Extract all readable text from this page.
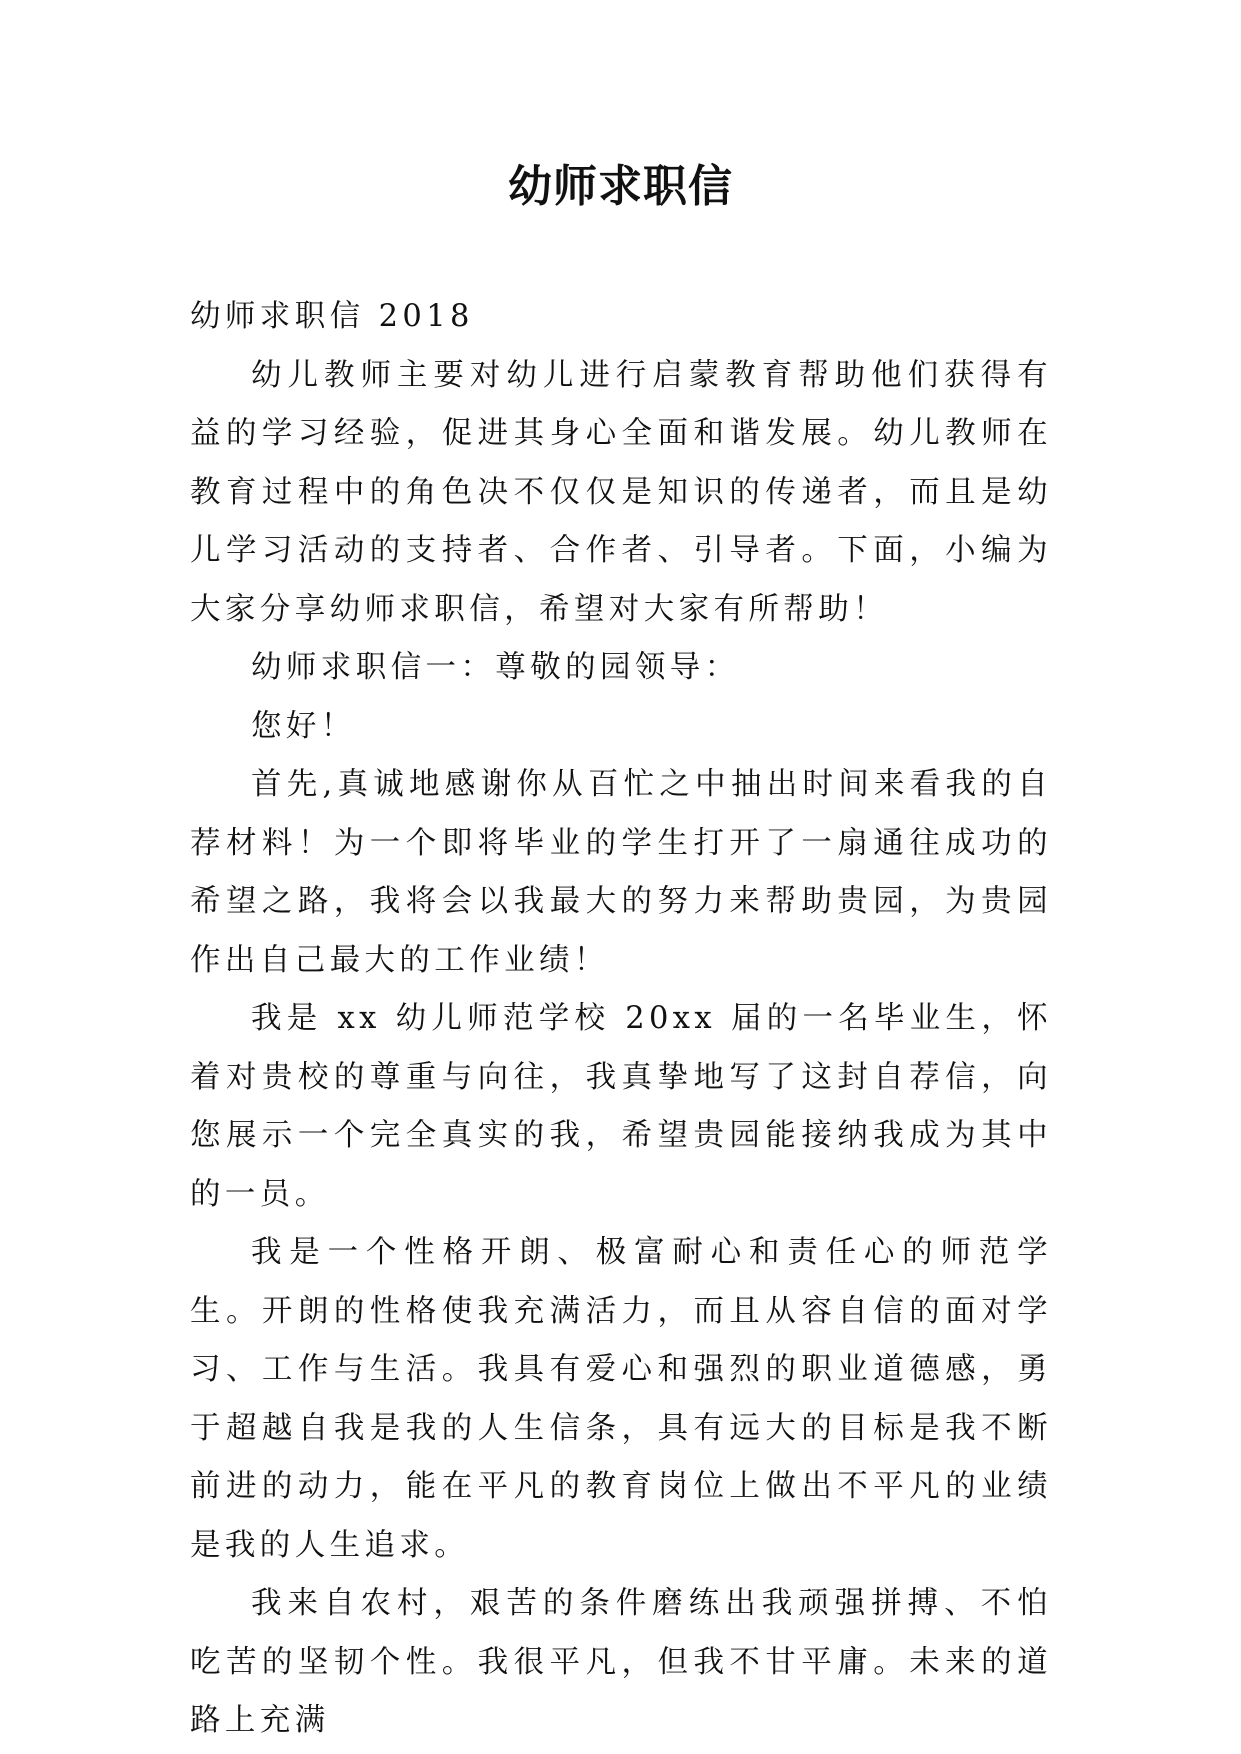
幼师求职信

幼师求职信 2018

幼儿教师主要对幼儿进行启蒙教育帮助他们获得有益的学习经验，促进其身心全面和谐发展。幼儿教师在教育过程中的角色决不仅仅是知识的传递者，而且是幼儿学习活动的支持者、合作者、引导者。下面，小编为大家分享幼师求职信，希望对大家有所帮助！

幼师求职信一：尊敬的园领导：

您好！

首先,真诚地感谢你从百忙之中抽出时间来看我的自荐材料！为一个即将毕业的学生打开了一扇通往成功的希望之路，我将会以我最大的努力来帮助贵园，为贵园作出自己最大的工作业绩！

我是 xx 幼儿师范学校 20xx 届的一名毕业生，怀着对贵校的尊重与向往，我真挚地写了这封自荐信，向您展示一个完全真实的我，希望贵园能接纳我成为其中的一员。

我是一个性格开朗、极富耐心和责任心的师范学生。开朗的性格使我充满活力，而且从容自信的面对学习、工作与生活。我具有爱心和强烈的职业道德感，勇于超越自我是我的人生信条，具有远大的目标是我不断前进的动力，能在平凡的教育岗位上做出不平凡的业绩是我的人生追求。

我来自农村，艰苦的条件磨练出我顽强拼搏、不怕吃苦的坚韧个性。我很平凡，但我不甘平庸。未来的道路上充满
